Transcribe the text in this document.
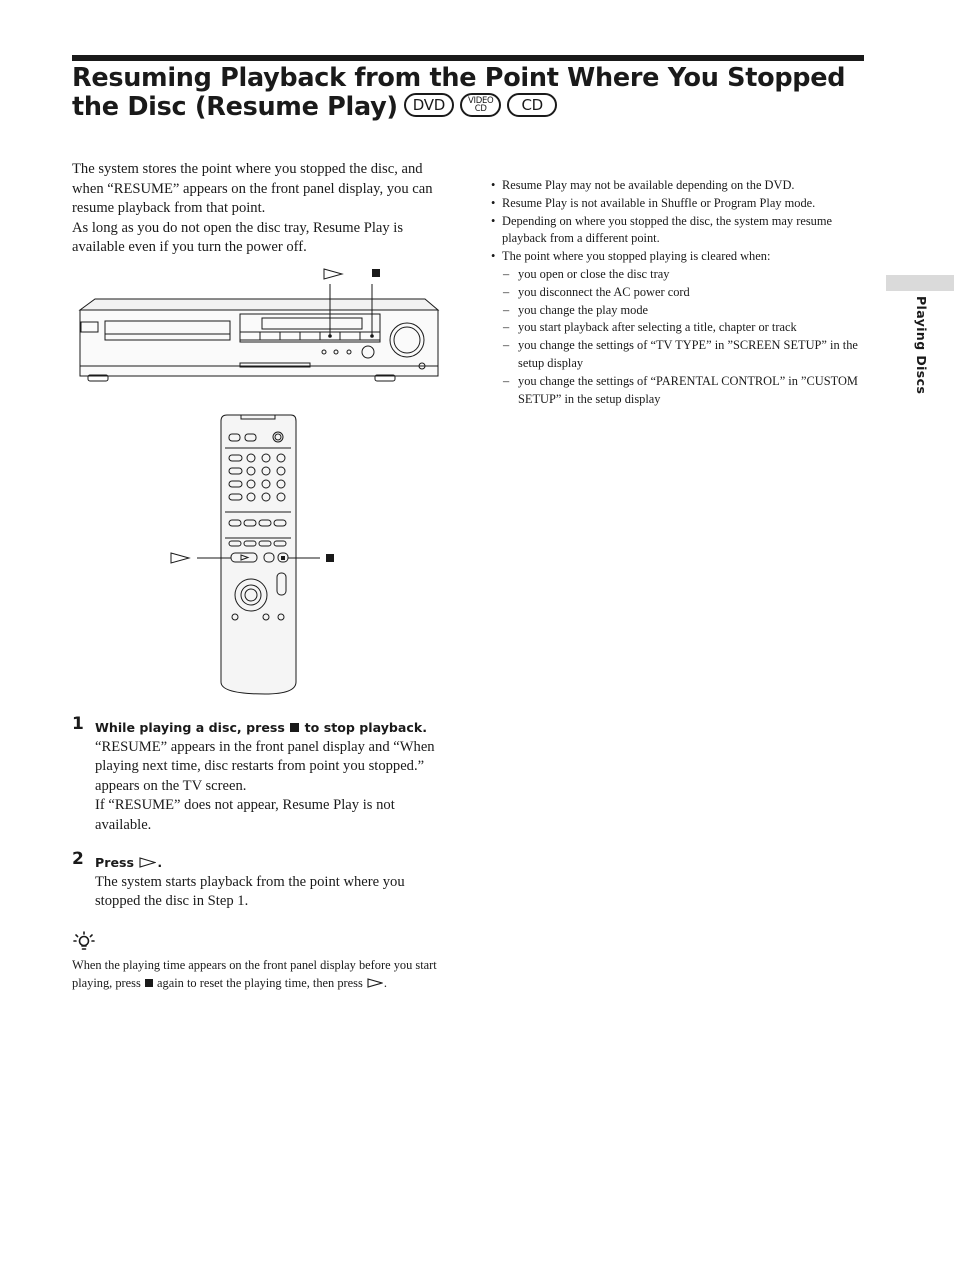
Resuming Playback from the Point Where You Stopped the Disc (Resume Play) DVD	VIDEO
CD CD

The system stores the point where you stopped the disc, and when “RESUME” appears on the front panel display, you can resume playback from that point.

As long as you do not open the disc tray, Resume Play is available even if you turn the power off.

• Resume Play may not be available depending on the DVD.
• Resume Play is not available in Shuffle or Program Play mode.
• Depending on where you stopped the disc, the system may resume playback from a different point.
• The point where you stopped playing is cleared when:
– you open or close the disc tray
– you disconnect the AC power cord
– you change the play mode
– you start playback after selecting a title, chapter or track
– you change the settings of “TV TYPE” in ”SCREEN SETUP” in the setup display
– you change the settings of “PARENTAL CONTROL” in ”CUSTOM SETUP” in the setup display
Playing Discs
1 While playing a disc, press to stop playback.
“RESUME” appears in the front panel display and “When playing next time, disc restarts from point you stopped.” appears on the TV screen.
If “RESUME” does not appear, Resume Play is not available.
2 Press .
The system starts playback from the point where you stopped the disc in Step 1.
When the playing time appears on the front panel display before you start playing, press again to reset the playing time, then press .
